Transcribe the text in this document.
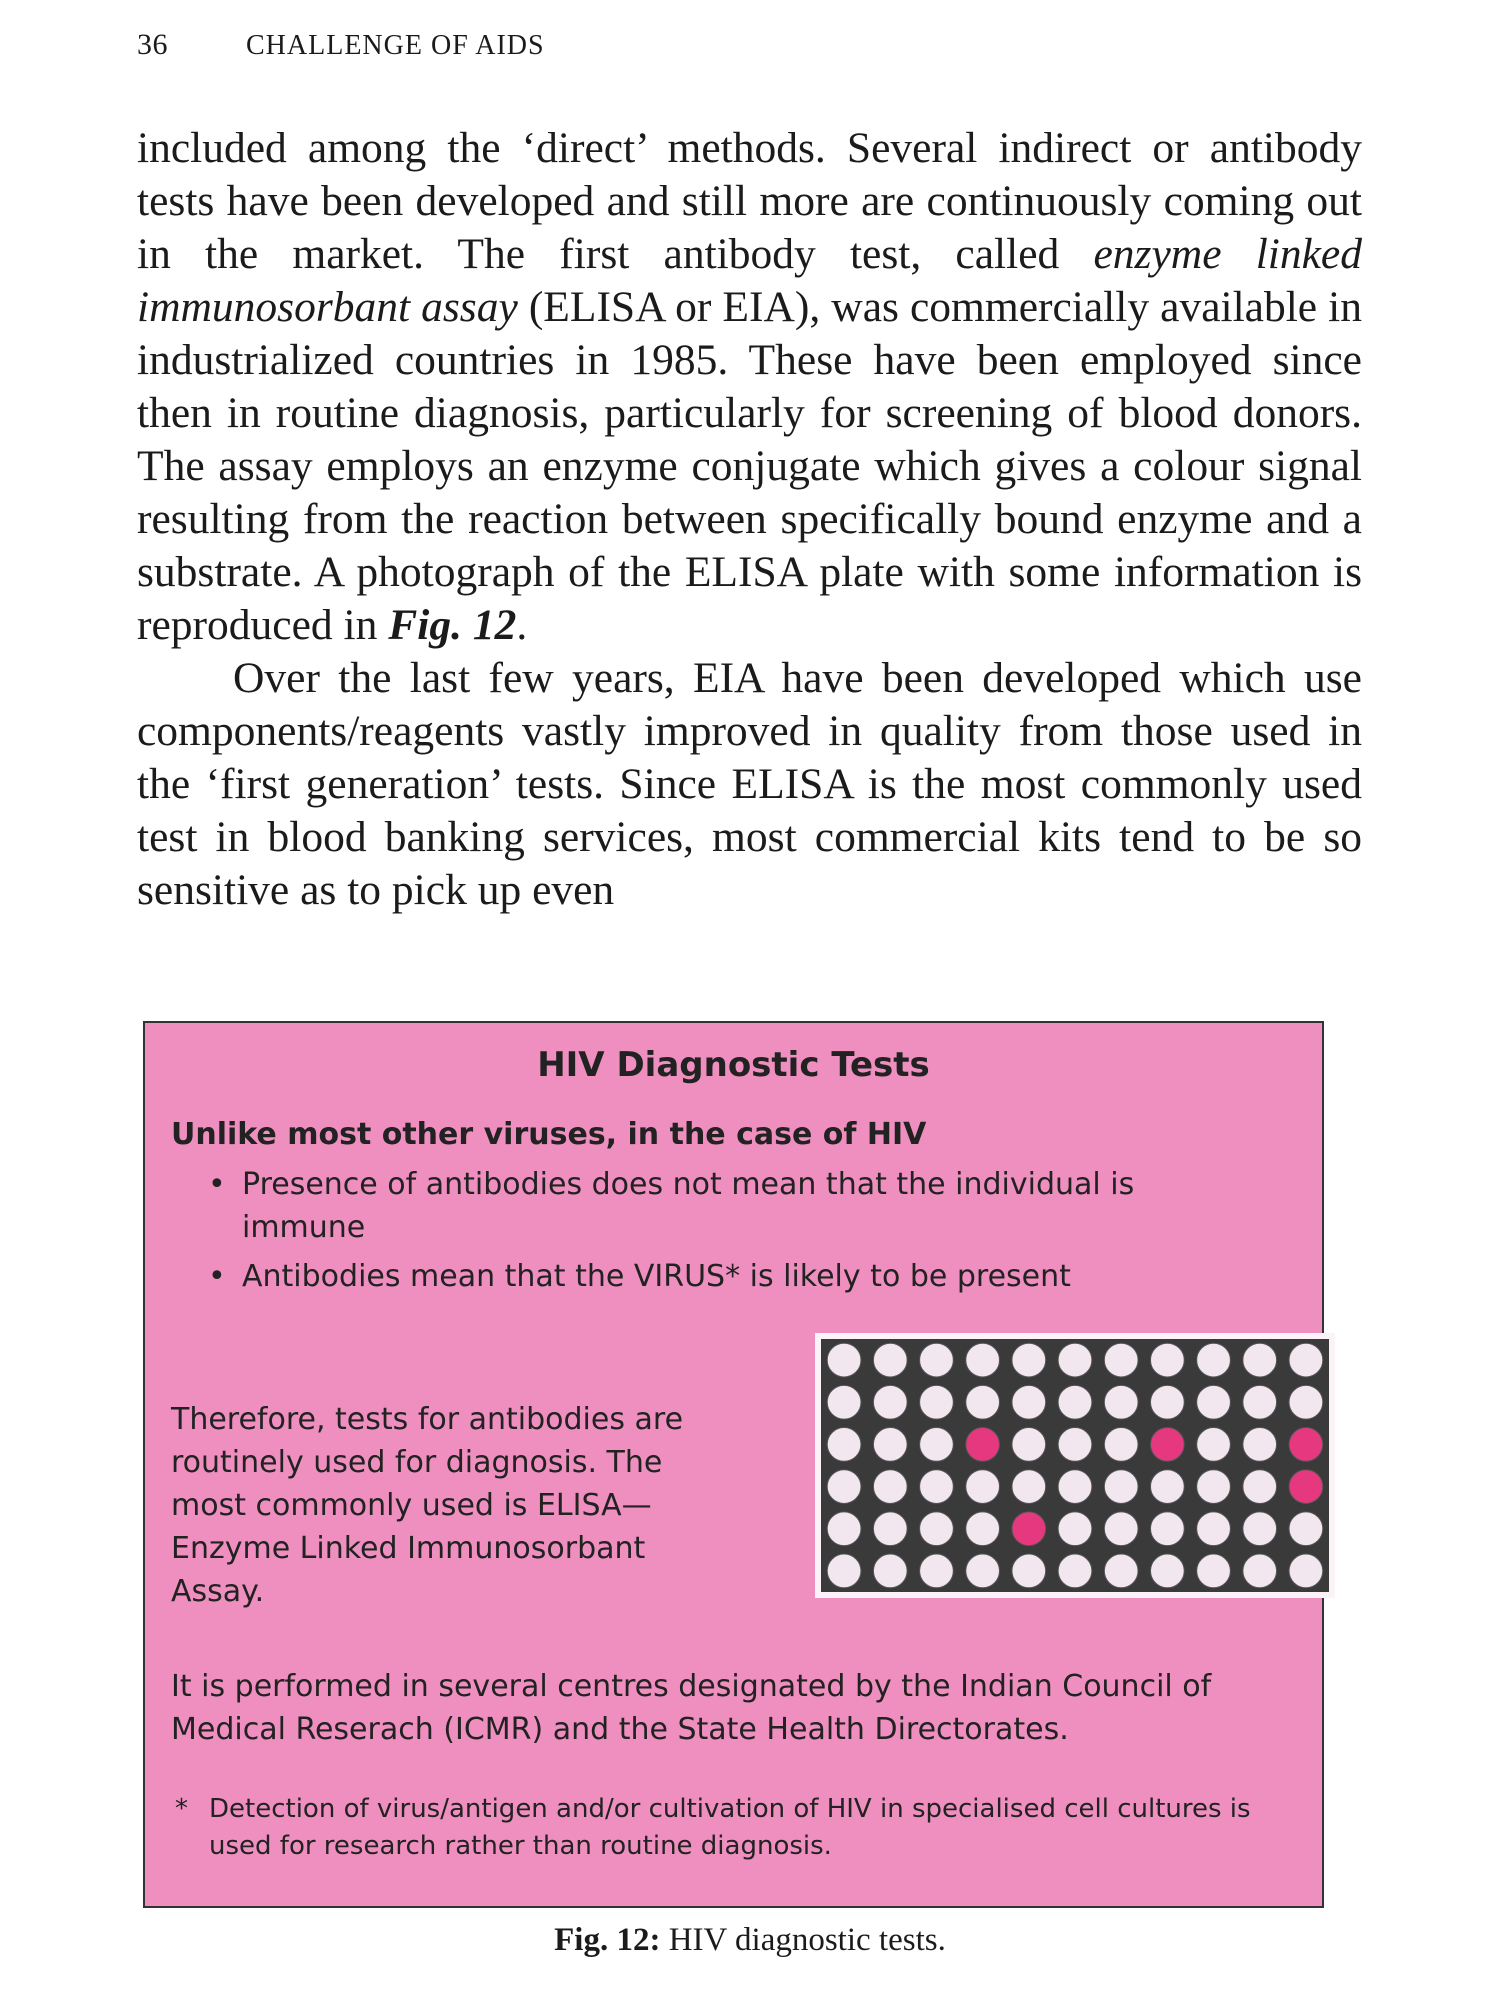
36	CHALLENGE OF AIDS

included among the ‘direct’ methods. Several indirect or antibody tests have been developed and still more are continuously coming out in the market. The first antibody test, called enzyme linked immunosorbant assay (ELISA or EIA), was commercially available in industrialized countries in 1985. These have been employed since then in routine diagnosis, particularly for screening of blood donors. The assay employs an enzyme conjugate which gives a colour signal resulting from the reaction between specifically bound enzyme and a substrate. A photograph of the ELISA plate with some information is reproduced in Fig. 12.

Over the last few years, EIA have been developed which use components/reagents vastly improved in quality from those used in the ‘first generation’ tests. Since ELISA is the most commonly used test in blood banking services, most commercial kits tend to be so sensitive as to pick up even

HIV Diagnostic Tests
Unlike most other viruses, in the case of HIV
• Presence of antibodies does not mean that the individual is immune
• Antibodies mean that the VIRUS* is likely to be present
Therefore, tests for antibodies are routinely used for diagnosis. The most commonly used is ELISA—Enzyme Linked Immunosorbant Assay.
It is performed in several centres designated by the Indian Council of Medical Reserach (ICMR) and the State Health Directorates.
* Detection of virus/antigen and/or cultivation of HIV in specialised cell cultures is used for research rather than routine diagnosis.
Fig. 12: HIV diagnostic tests.
